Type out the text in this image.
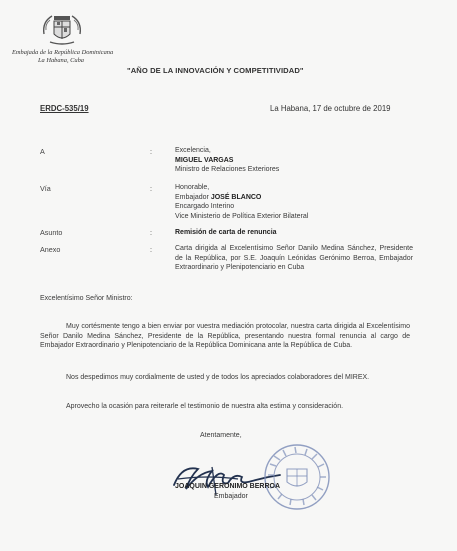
Embajada de la República Dominicana
La Habana, Cuba
"AÑO DE LA INNOVACIÓN Y COMPETITIVIDAD"
ERDC-535/19	La Habana, 17 de octubre de 2019
A	:	Excelencia,
MIGUEL VARGAS
Ministro de Relaciones Exteriores
Vía	:	Honorable,
Embajador JOSÉ BLANCO
Encargado Interino
Vice Ministerio de Política Exterior Bilateral
Asunto	:	Remisión de carta de renuncia
Anexo	:	Carta dirigida al Excelentísimo Señor Danilo Medina Sánchez, Presidente de la República, por S.E. Joaquín Leónidas Gerónimo Berroa, Embajador Extraordinario y Plenipotenciario en Cuba
Excelentísimo Señor Ministro:
Muy cortésmente tengo a bien enviar por vuestra mediación protocolar, nuestra carta dirigida al Excelentísimo Señor Danilo Medina Sánchez, Presidente de la República, presentando nuestra formal renuncia al cargo de Embajador Extraordinario y Plenipotenciario de la República Dominicana ante la República de Cuba.
Nos despedimos muy cordialmente de usted y de todos los apreciados colaboradores del MIREX.
Aprovecho la ocasión para reiterarle el testimonio de nuestra alta estima y consideración.
Atentamente,
JOAQUIN GERONIMO BERROA
Embajador
